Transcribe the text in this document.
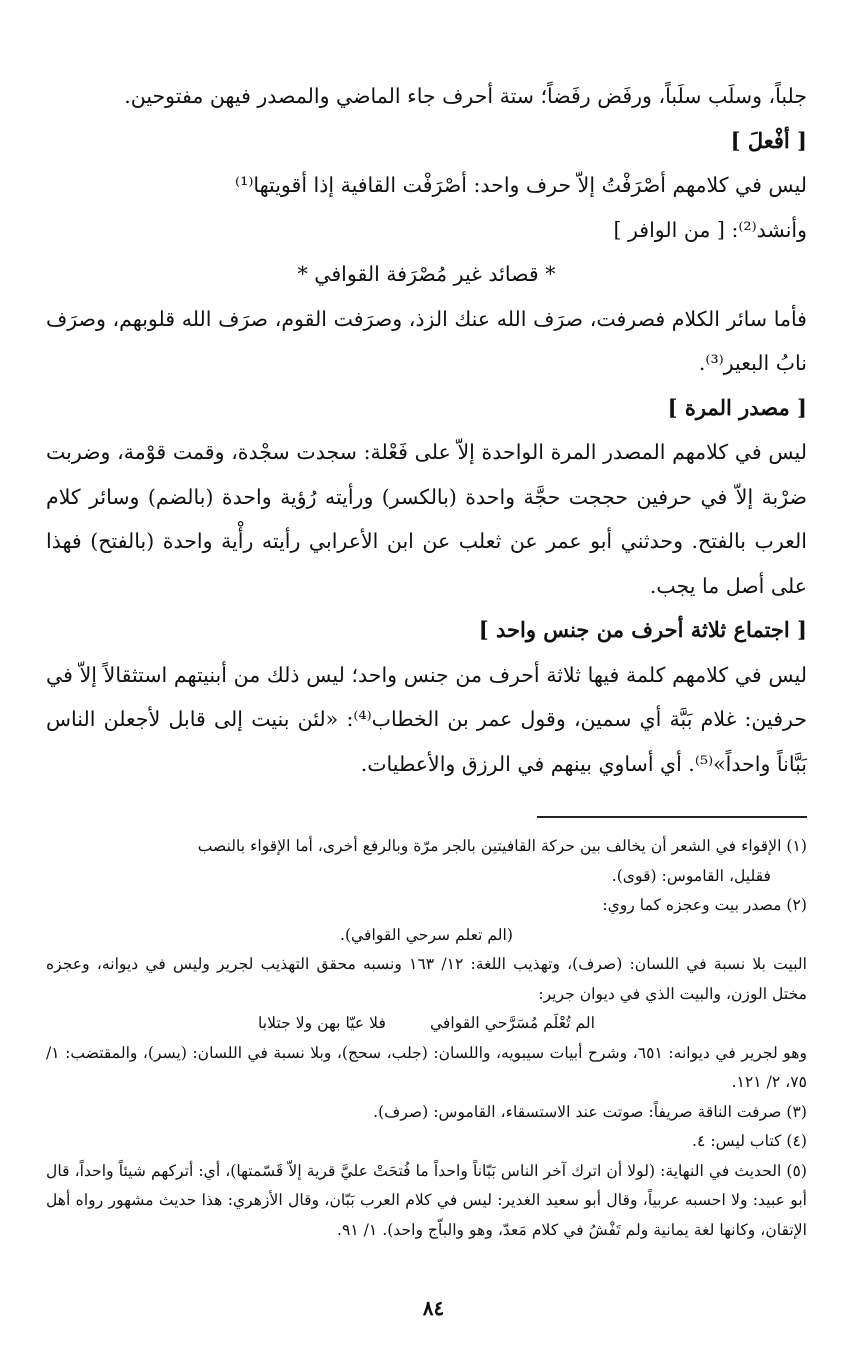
جلباً، وسلَب سلَباً، ورفَض رفَضاً؛ ستة أحرف جاء الماضي والمصدر فيهن مفتوحين.

[ أفْعلَ ]

ليس في كلامهم أصْرَفْتُ إلاّ حرف واحد: أصْرَفْت القافية إذا أقويتها⁽¹⁾

وأنشد⁽²⁾: [ من الوافر ]

* قصائد غير مُصْرَفة القوافي *

فأما سائر الكلام فصرفت، صرَف الله عنك الزذ، وصرَفت القوم، صرَف الله قلوبهم، وصرَف نابُ البعير⁽³⁾.

[ مصدر المرة ]

ليس في كلامهم المصدر المرة الواحدة إلاّ على فَعْلة: سجدت سجْدة، وقمت قوْمة، وضربت ضرْبة إلاّ في حرفين حججت حجَّة واحدة (بالكسر) ورأيته رُؤية واحدة (بالضم) وسائر كلام العرب بالفتح. وحدثني أبو عمر عن ثعلب عن ابن الأعرابي رأيته رأْية واحدة (بالفتح) فهذا على أصل ما يجب.

[ اجتماع ثلاثة أحرف من جنس واحد ]

ليس في كلامهم كلمة فيها ثلاثة أحرف من جنس واحد؛ ليس ذلك من أبنيتهم استثقالاً إلاّ في حرفين: غلام بَبَّة أي سمين، وقول عمر بن الخطاب⁽⁴⁾: «لئن بنيت إلى قابل لأجعلن الناس بَبَّاناً واحداً»⁽⁵⁾. أي أساوي بينهم في الرزق والأعطيات.

(١) الإقواء في الشعر أن يخالف بين حركة القافيتين بالجر مرّة وبالرفع أخرى، أما الإقواء بالنصب

فقليل، القاموس: (قوى).

(٢) مصدر بيت وعجزه كما روي:

(الم تعلم سرحي القوافي).

البيت بلا نسبة في اللسان: (صرف)، وتهذيب اللغة: ١٢/ ١٦٣ ونسبه محقق التهذيب لجرير وليس في ديوانه، وعجزه مختل الوزن، والبيت الذي في ديوان جرير:

الم تُعْلَم مُسَرَّحي القوافي
فلا عيّا بهن ولا جتلابا

وهو لجرير في ديوانه: ٦٥١، وشرح أبيات سيبويه، واللسان: (جلب، سحج)، وبلا نسبة في اللسان: (يسر)، والمقتضب: ١/ ٧٥، ٢/ ١٢١.

(٣) صرفت الناقة صريفاً: صوتت عند الاستسقاء، القاموس: (صرف).

(٤) كتاب ليس: ٤.

(٥) الحديث في النهاية: (لولا أن اترك آخر الناس بَبّاناً واحداً ما فُتحَتْ عليَّ قرية إلاّ قَسّمتها)، أي: أتركهم شيئاً واحداً، قال أبو عبيد: ولا احسبه عربياً، وقال أبو سعيد الغدير: ليس في كلام العرب بَبّان، وقال الأزهري: هذا حديث مشهور رواه أهل الإتقان، وكانها لغة يمانية ولم تَفْشُ في كلام مَعدّ، وهو والباّج واحد). ١/ ٩١.

٨٤
